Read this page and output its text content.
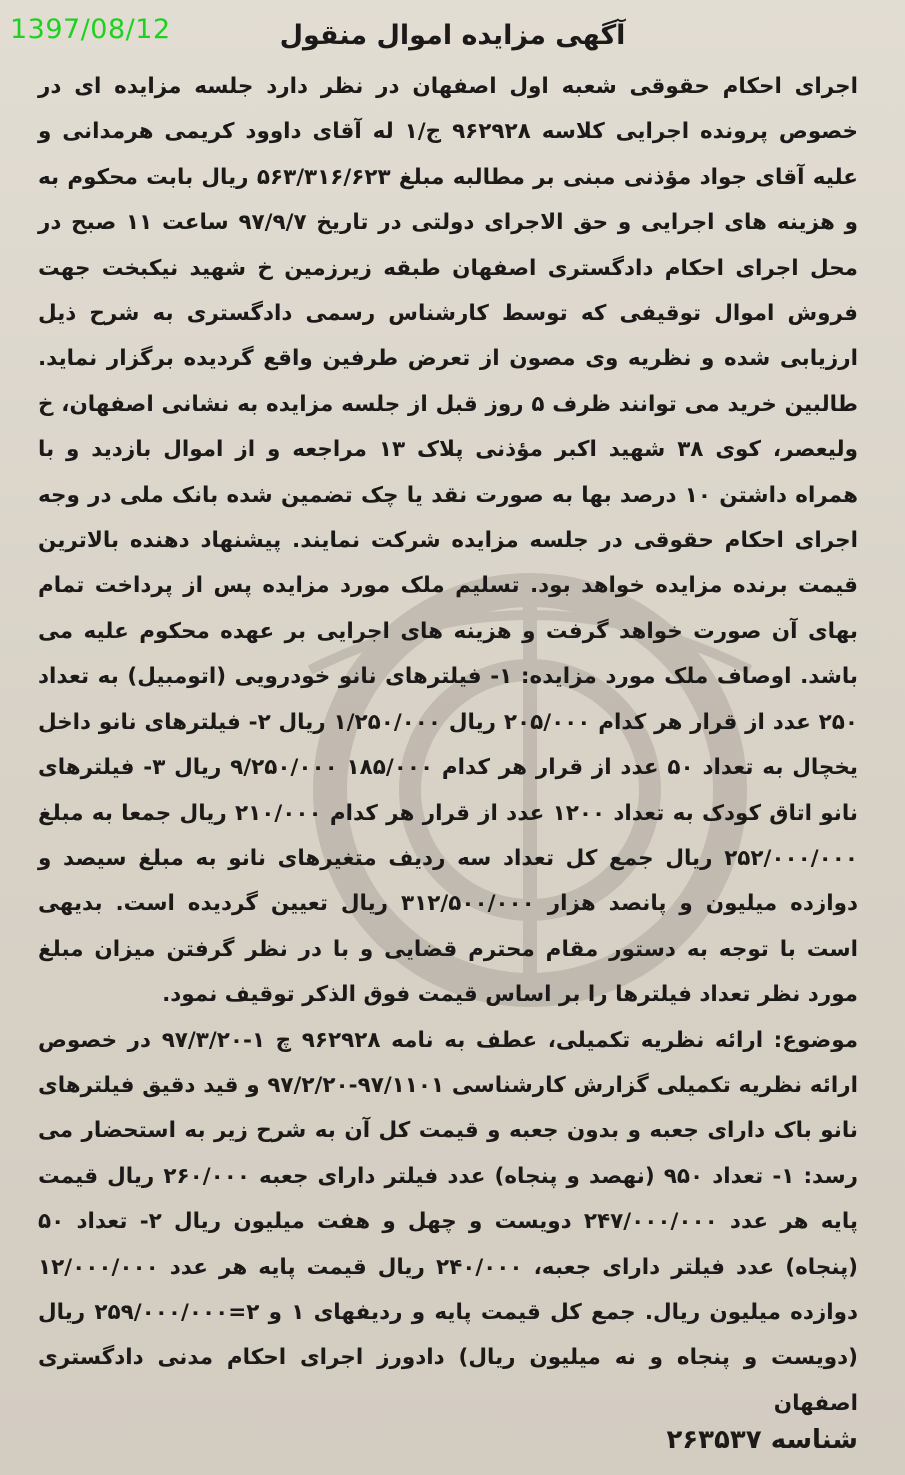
1397/08/12	آگهی مزایده اموال منقول

اجرای احکام حقوقی شعبه اول اصفهان در نظر دارد جلسه مزایده ای در خصوص پرونده اجرایی کلاسه ۹۶۲۹۲۸ ج/۱ له آقای داوود کریمی هرمدانی و علیه آقای جواد مؤذنی مبنی بر مطالبه مبلغ ۵۶۳/۳۱۶/۶۲۳ ریال بابت محکوم به و هزینه های اجرایی و حق الاجرای دولتی در تاریخ ۹۷/۹/۷ ساعت ۱۱ صبح در محل اجرای احکام دادگستری اصفهان طبقه زیرزمین خ شهید نیکبخت جهت فروش اموال توقیفی که توسط کارشناس رسمی دادگستری به شرح ذیل ارزیابی شده و نظریه وی مصون از تعرض طرفین واقع گردیده برگزار نماید. طالبین خرید می توانند ظرف ۵ روز قبل از جلسه مزایده به نشانی اصفهان، خ ولیعصر، کوی ۳۸ شهید اکبر مؤذنی پلاک ۱۳ مراجعه و از اموال بازدید و با همراه داشتن ۱۰ درصد بها به صورت نقد یا چک تضمین شده بانک ملی در وجه اجرای احکام حقوقی در جلسه مزایده شرکت نمایند. پیشنهاد دهنده بالاترین قیمت برنده مزایده خواهد بود. تسلیم ملک مورد مزایده پس از پرداخت تمام بهای آن صورت خواهد گرفت و هزینه های اجرایی بر عهده محکوم علیه می باشد. اوصاف ملک مورد مزایده: ۱- فیلترهای نانو خودرویی (اتومبیل) به تعداد ۲۵۰ عدد از قرار هر کدام ۲۰۵/۰۰۰ ریال ۱/۲۵۰/۰۰۰ ریال ۲- فیلترهای نانو داخل یخچال به تعداد ۵۰ عدد از قرار هر کدام ۱۸۵/۰۰۰ ۹/۲۵۰/۰۰۰ ریال ۳- فیلترهای نانو اتاق کودک به تعداد ۱۲۰۰ عدد از قرار هر کدام ۲۱۰/۰۰۰ ریال جمعا به مبلغ ۲۵۲/۰۰۰/۰۰۰ ریال جمع کل تعداد سه ردیف متغیرهای نانو به مبلغ سیصد و دوازده میلیون و پانصد هزار ۳۱۲/۵۰۰/۰۰۰ ریال تعیین گردیده است. بدیهی است با توجه به دستور مقام محترم قضایی و با در نظر گرفتن میزان مبلغ مورد نظر تعداد فیلترها را بر اساس قیمت فوق الذکر توقیف نمود.

موضوع: ارائه نظریه تکمیلی، عطف به نامه ۹۶۲۹۲۸ چ ۱-۹۷/۳/۲۰ در خصوص ارائه نظریه تکمیلی گزارش کارشناسی ۹۷/۱۱۰۱-۹۷/۲/۲۰ و قید دقیق فیلترهای نانو باک دارای جعبه و بدون جعبه و قیمت کل آن به شرح زیر به استحضار می رسد: ۱- تعداد ۹۵۰ (نهصد و پنجاه) عدد فیلتر دارای جعبه ۲۶۰/۰۰۰ ریال قیمت پایه هر عدد ۲۴۷/۰۰۰/۰۰۰ دویست و چهل و هفت میلیون ریال ۲- تعداد ۵۰ (پنجاه) عدد فیلتر دارای جعبه، ۲۴۰/۰۰۰ ریال قیمت پایه هر عدد ۱۲/۰۰۰/۰۰۰ دوازده میلیون ریال. جمع کل قیمت پایه و ردیفهای ۱ و ۲=۲۵۹/۰۰۰/۰۰۰ ریال (دویست و پنجاه و نه میلیون ریال) دادورز اجرای احکام مدنی دادگستری اصفهان

شناسه ۲۶۳۵۳۷
